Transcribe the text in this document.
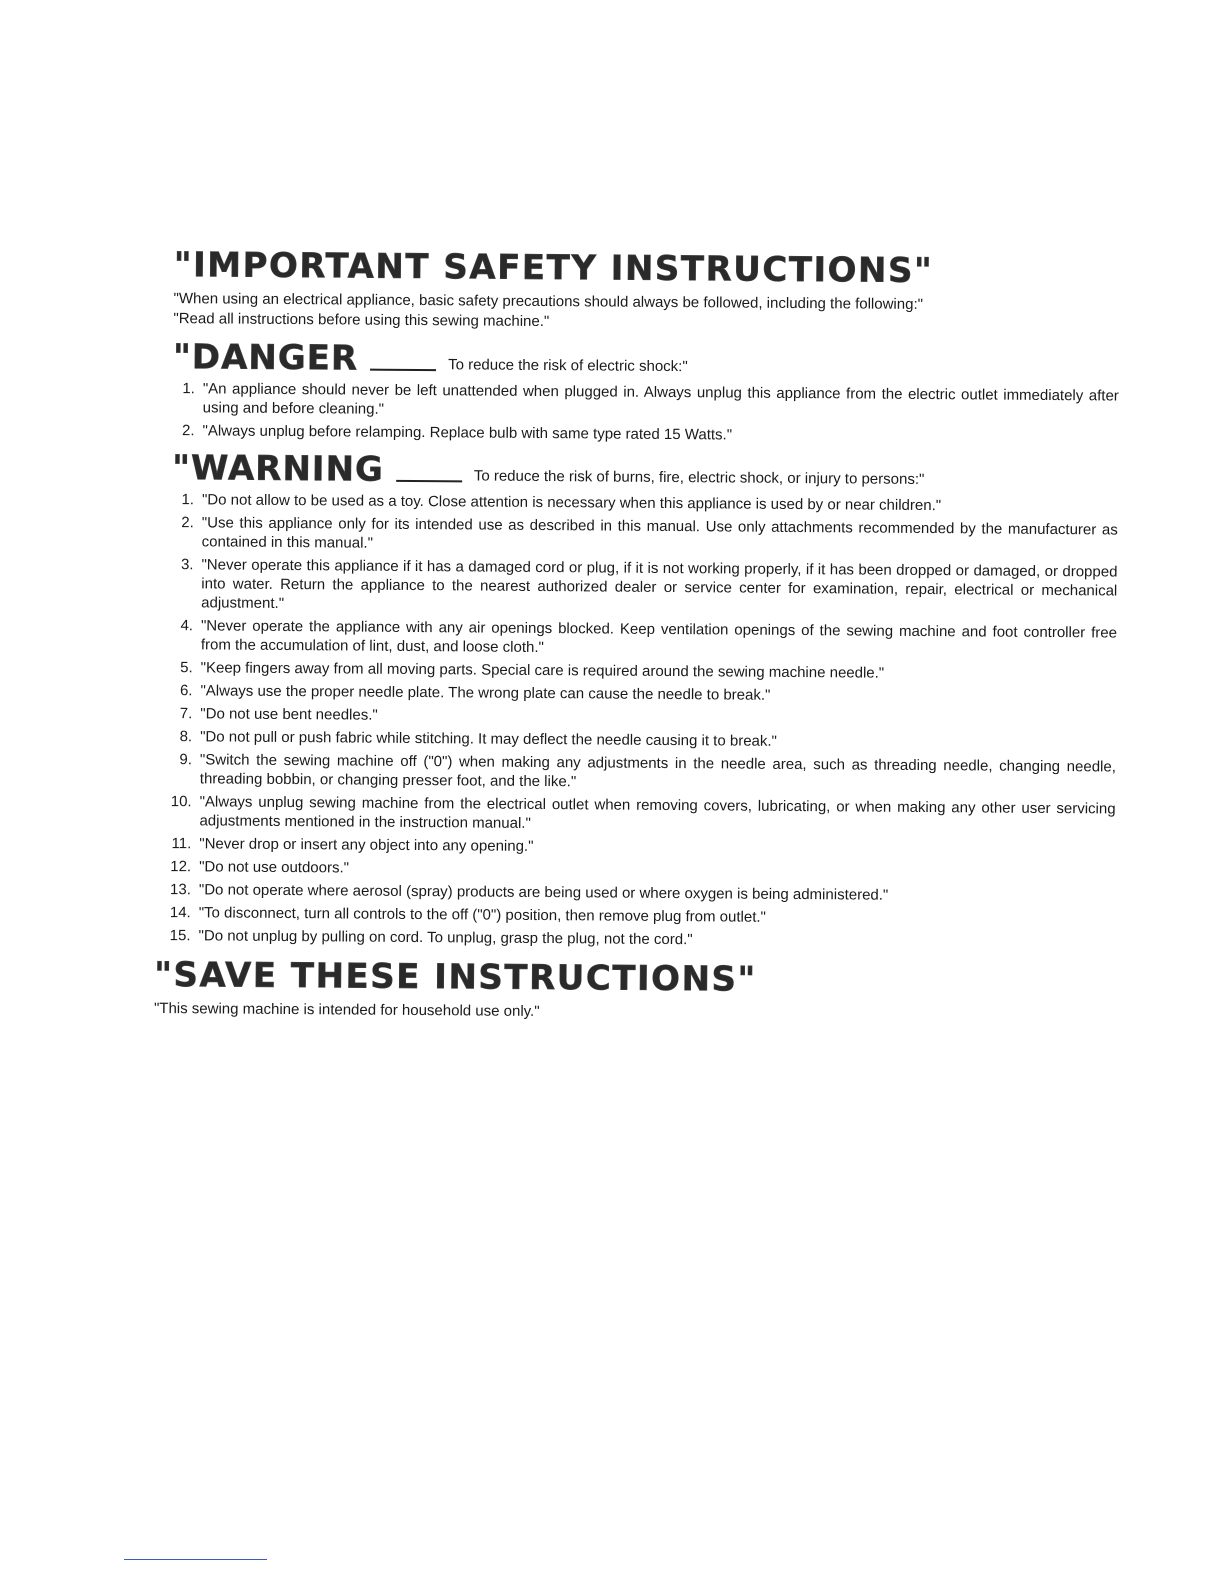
"IMPORTANT SAFETY INSTRUCTIONS"
"When using an electrical appliance, basic safety precautions should always be followed, including the following:"
"Read all instructions before using this sewing machine."
"DANGER	To reduce the risk of electric shock:"
1. "An appliance should never be left unattended when plugged in. Always unplug this appliance from the electric outlet immediately after using and before cleaning."
2. "Always unplug before relamping. Replace bulb with same type rated 15 Watts."
"WARNING	To reduce the risk of burns, fire, electric shock, or injury to persons:"
1. "Do not allow to be used as a toy. Close attention is necessary when this appliance is used by or near children."
2. "Use this appliance only for its intended use as described in this manual. Use only attachments recommended by the manufacturer as contained in this manual."
3. "Never operate this appliance if it has a damaged cord or plug, if it is not working properly, if it has been dropped or damaged, or dropped into water. Return the appliance to the nearest authorized dealer or service center for examination, repair, electrical or mechanical adjustment."
4. "Never operate the appliance with any air openings blocked. Keep ventilation openings of the sewing machine and foot controller free from the accumulation of lint, dust, and loose cloth."
5. "Keep fingers away from all moving parts. Special care is required around the sewing machine needle."
6. "Always use the proper needle plate. The wrong plate can cause the needle to break."
7. "Do not use bent needles."
8. "Do not pull or push fabric while stitching. It may deflect the needle causing it to break."
9. "Switch the sewing machine off ("0") when making any adjustments in the needle area, such as threading needle, changing needle, threading bobbin, or changing presser foot, and the like."
10. "Always unplug sewing machine from the electrical outlet when removing covers, lubricating, or when making any other user servicing adjustments mentioned in the instruction manual."
11. "Never drop or insert any object into any opening."
12. "Do not use outdoors."
13. "Do not operate where aerosol (spray) products are being used or where oxygen is being administered."
14. "To disconnect, turn all controls to the off ("0") position, then remove plug from outlet."
15. "Do not unplug by pulling on cord. To unplug, grasp the plug, not the cord."
"SAVE THESE INSTRUCTIONS"
"This sewing machine is intended for household use only."
